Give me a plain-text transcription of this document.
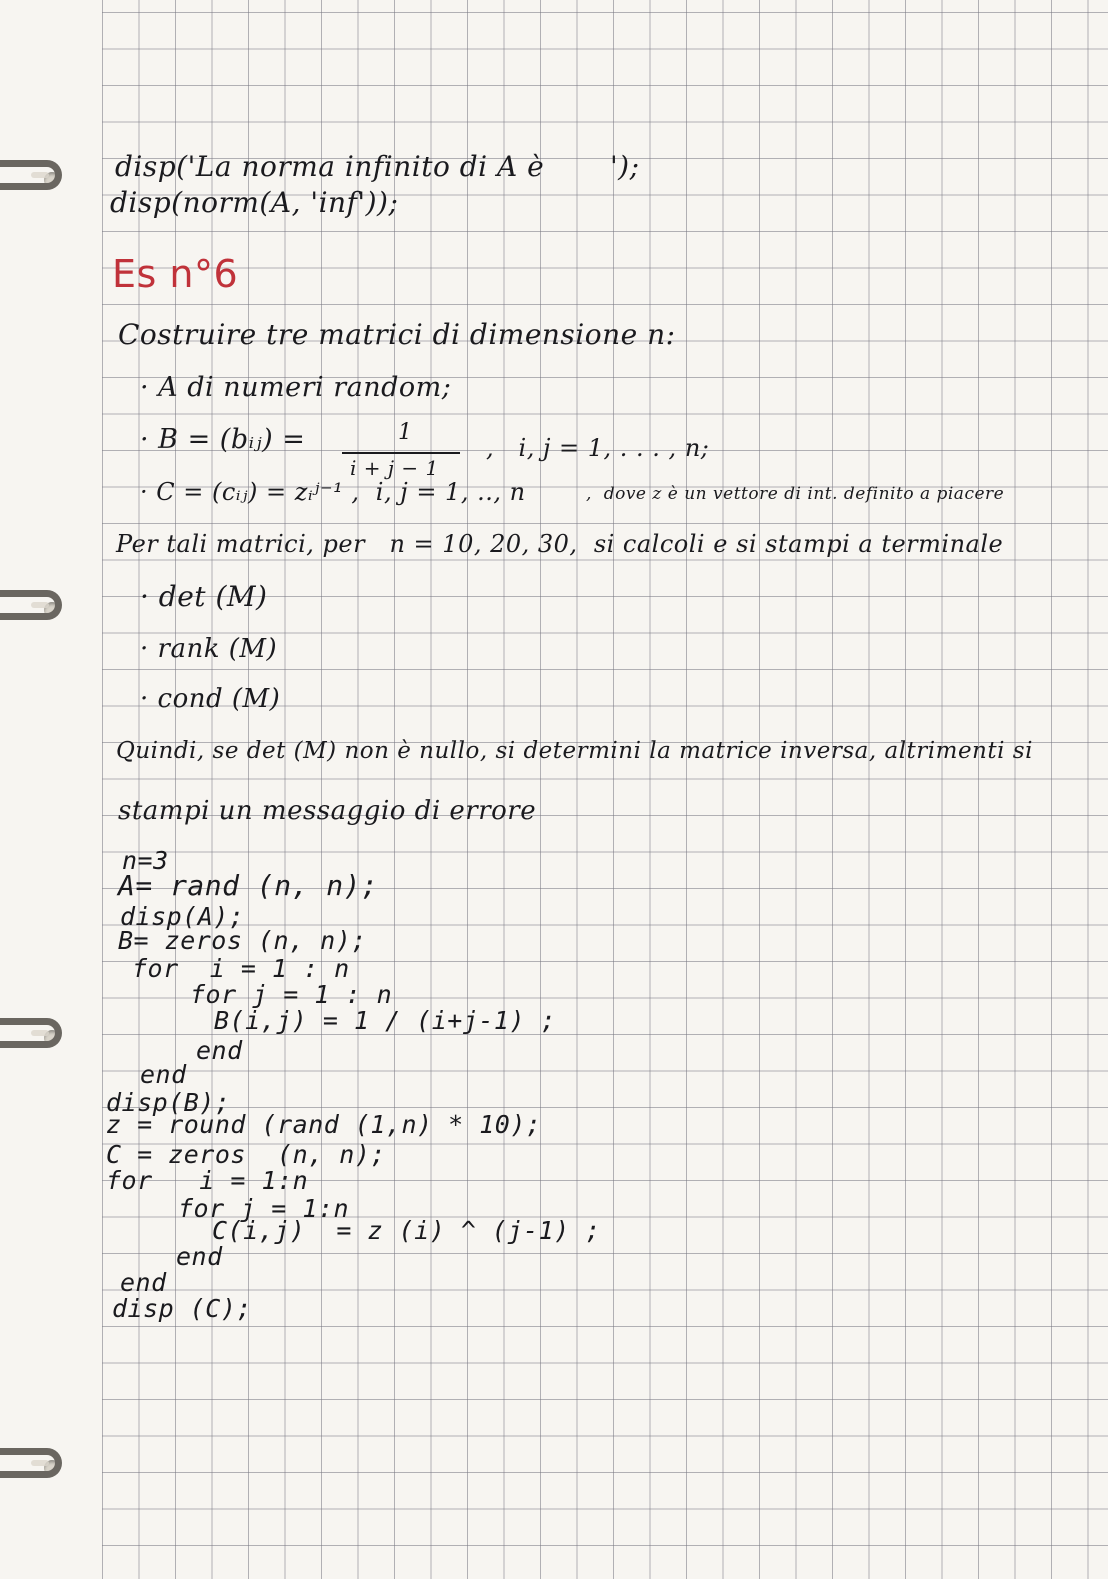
disp('La norma infinito di A è       ');
disp(norm(A, 'inf'));
Es n°6
Costruire tre matrici di dimensione n:
· A di numeri random;
· B = (bᵢⱼ) =	1
i + j − 1
,   i, j = 1, . . . , n;
· C = (cᵢⱼ) = zᵢʲ⁻¹ ,  i, j = 1, .., n	,  dove z è un vettore di int. definito a piacere
Per tali matrici, per   n = 10, 20, 30,  si calcoli e si stampi a terminale
· det (M)
· rank (M)
· cond (M)
Quindi, se det (M) non è nullo, si determini la matrice inversa, altrimenti si
stampi un messaggio di errore
n=3
A= rand (n, n);
disp(A);
B= zeros (n, n);
for  i = 1 : n
for j = 1 : n
B(i,j) = 1 / (i+j-1) ;
end
end
disp(B);
z = round (rand (1,n) * 10);
C = zeros  (n, n);
for   i = 1:n
for j = 1:n
C(i,j)  = z (i) ^ (j-1) ;
end
end
disp (C);
